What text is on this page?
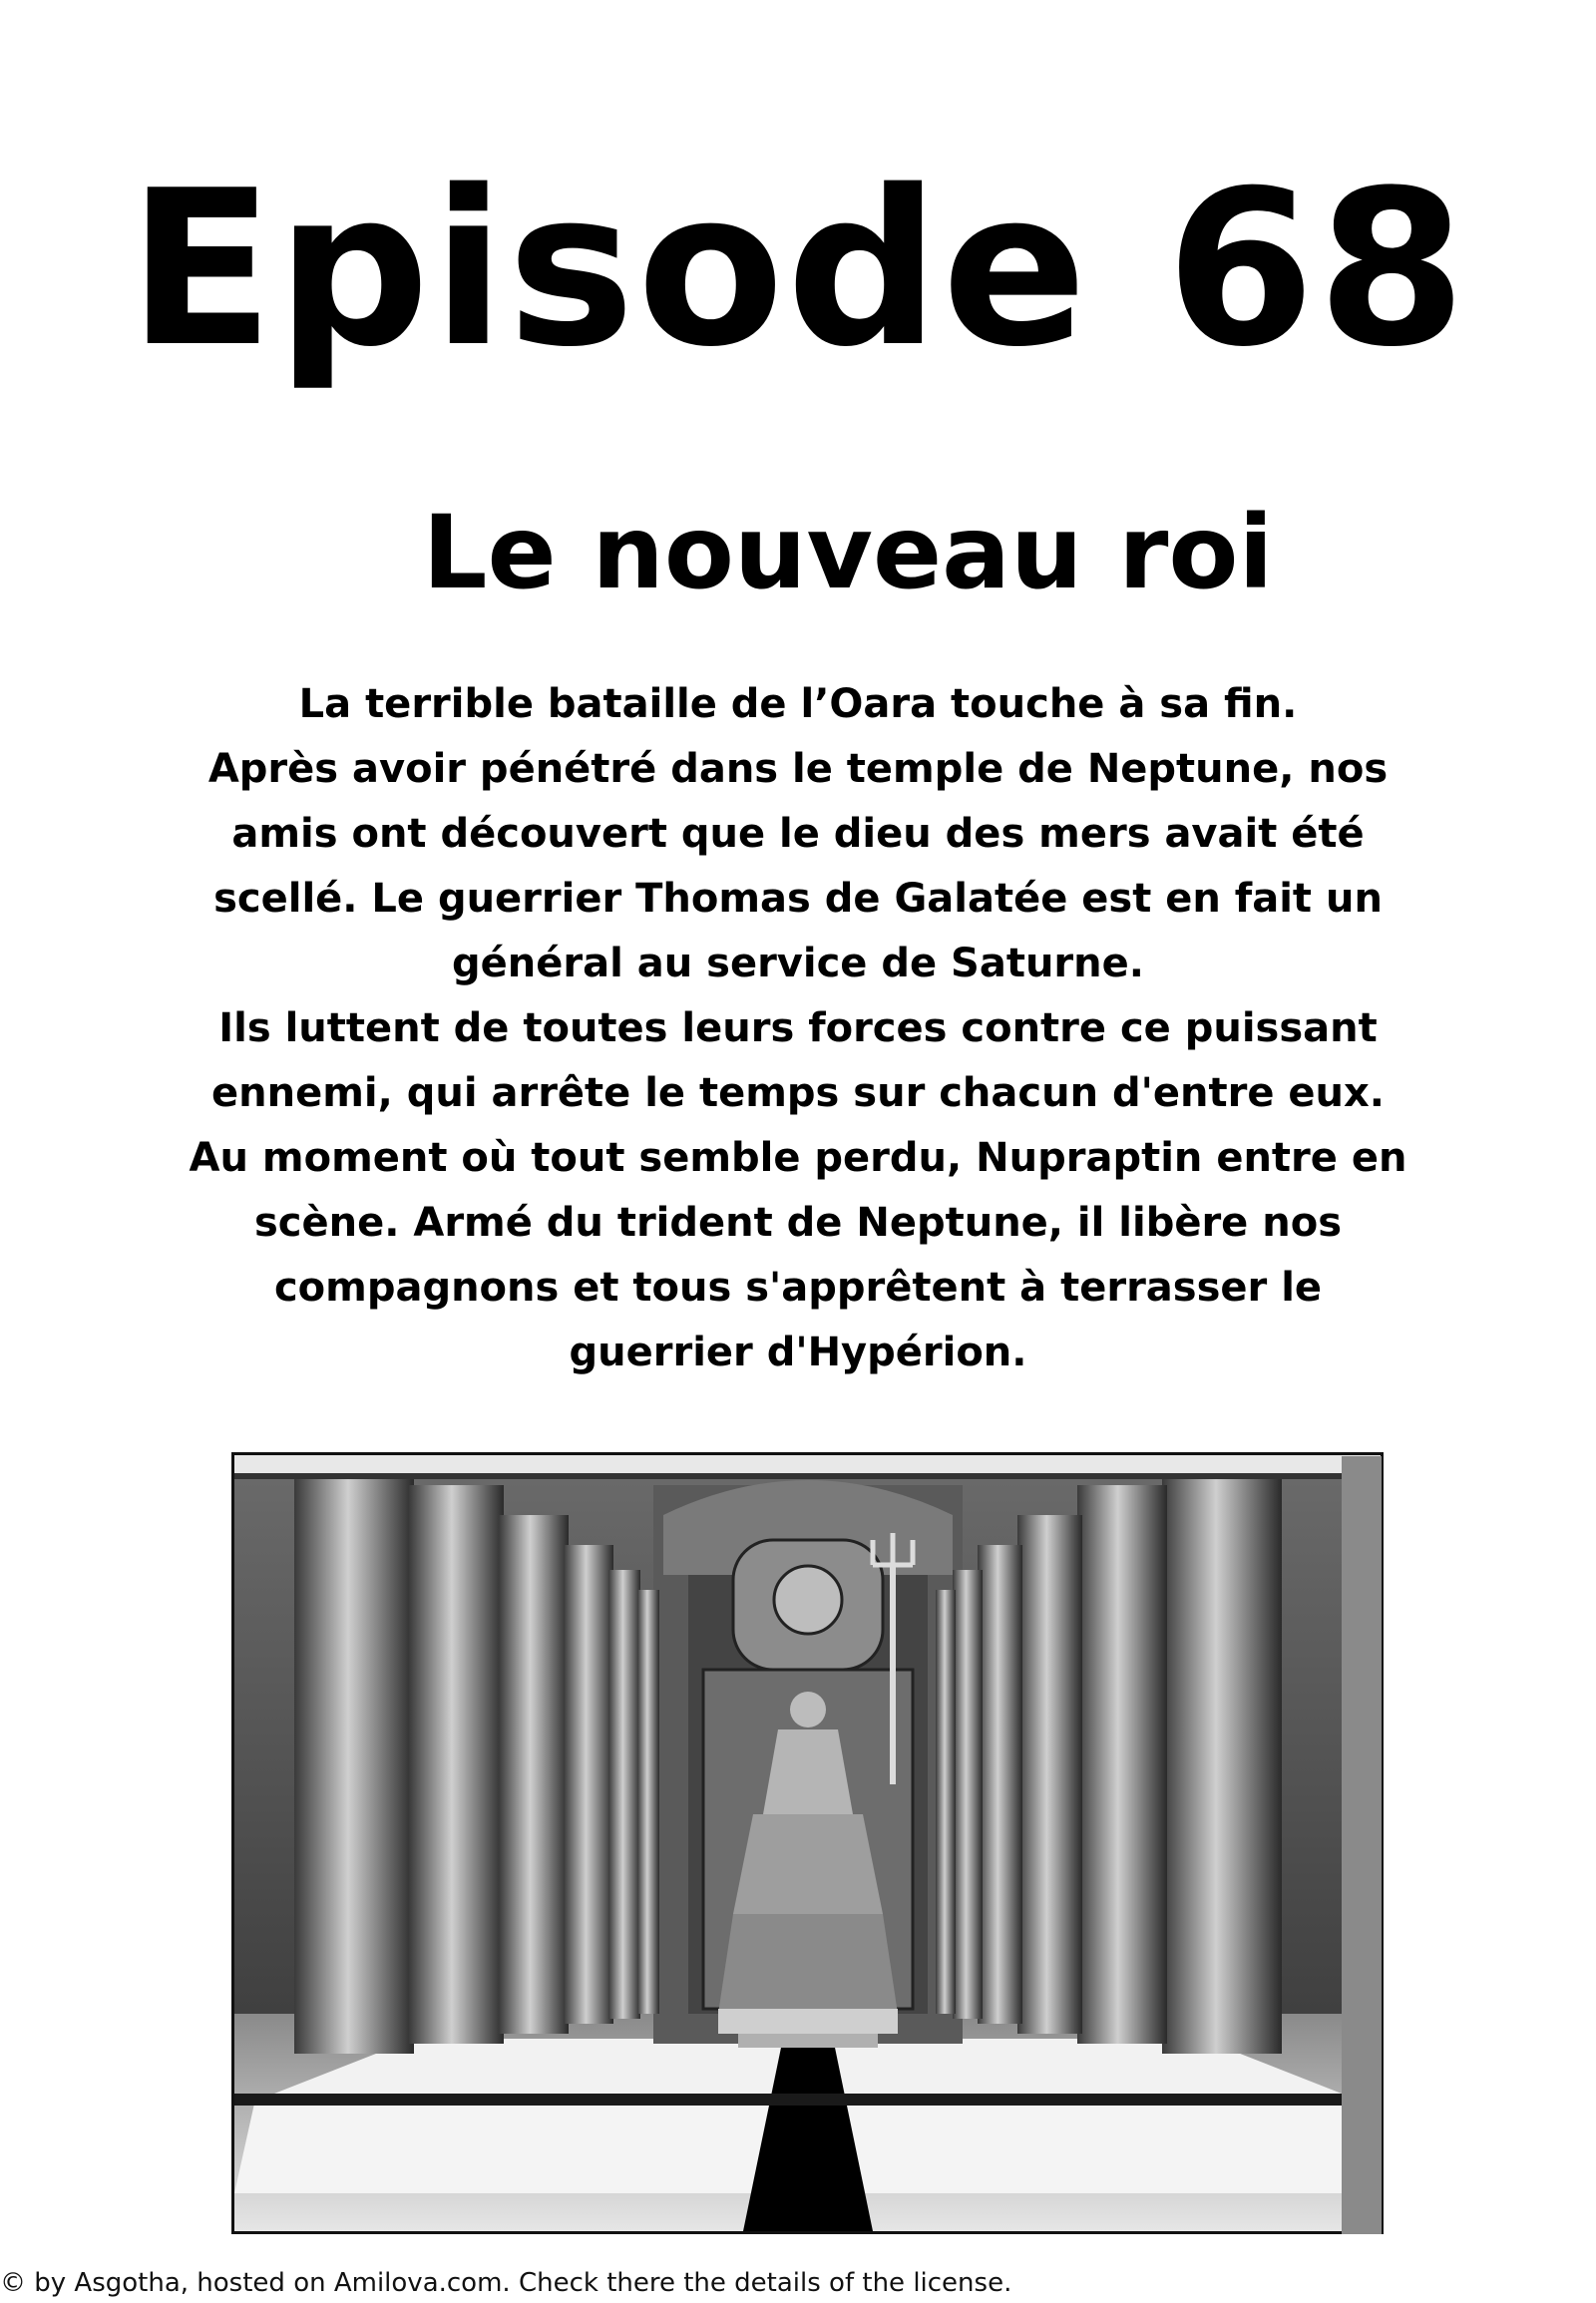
Episode 68
Le nouveau roi
La terrible bataille de l’Oara touche à sa fin.
Après avoir pénétré dans le temple de Neptune, nos
amis ont découvert que le dieu des mers avait été
scellé. Le guerrier Thomas de Galatée est en fait un
général au service de Saturne.
Ils luttent de toutes leurs forces contre ce puissant
ennemi, qui arrête le temps sur chacun d'entre eux.
Au moment où tout semble perdu, Nupraptin entre en
scène. Armé du trident de Neptune, il libère nos
compagnons et tous s'apprêtent à terrasser le
guerrier d'Hypérion.
© by Asgotha, hosted on Amilova.com. Check there the details of the license.
